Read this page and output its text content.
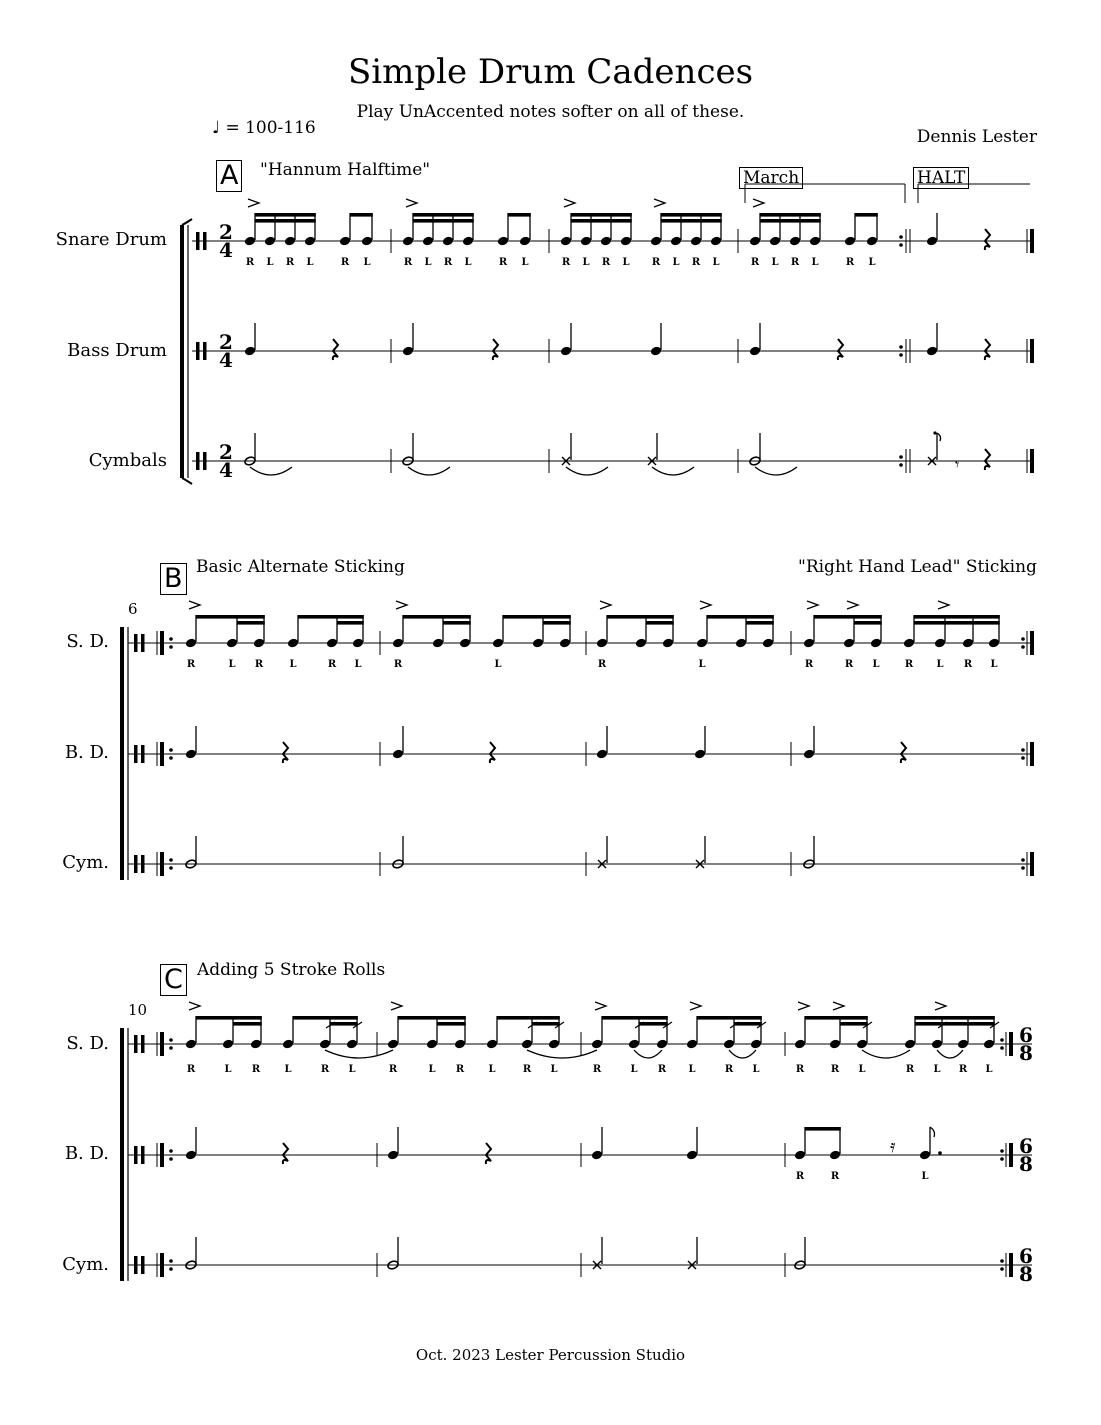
Simple Drum Cadences
Play UnAccented notes softer on all of these.
Dennis Lester
♩ = 100-116
Oct. 2023 Lester Percussion Studio
A "Hannum Halftime"	March	HALT
Snare Drum
Bass Drum
Cymbals
B Basic Alternate Sticking	"Right Hand Lead" Sticking
6
S. D.
B. D.
Cym.
C Adding 5 Stroke Rolls
10
S. D.
B. D.
Cym.
2
4
2
4
2
4
R L R L	R L	R L R L	R L	R L R L R L R L	R L R L	R L
𝄾
R	L R	L	R L	R	L	R	L	R	R L	R L R L
6
8
6
8
6
8
R	L R L	R L	R	L R L	R L	R	L R L	R L	R	R L	R L R L
𝄿
R	R	L
